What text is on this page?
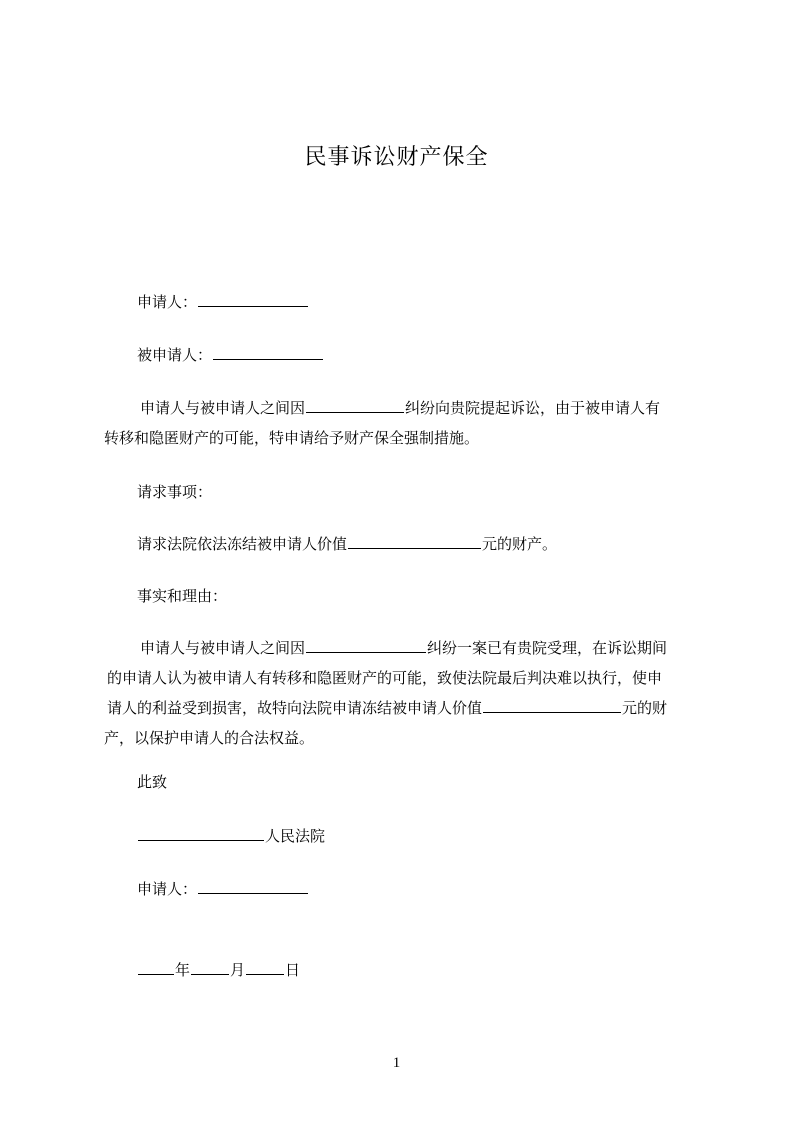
民事诉讼财产保全

申请人：

被申请人：

申请人与被申请人之间因	纠纷向贵院提起诉讼，由于被申请人有
转移和隐匿财产的可能，特申请给予财产保全强制措施。

请求事项：

请求法院依法冻结被申请人价值	元的财产。

事实和理由：

申请人与被申请人之间因	纠纷一案已有贵院受理，在诉讼期间
的申请人认为被申请人有转移和隐匿财产的可能，致使法院最后判决难以执行，使申
请人的利益受到损害，故特向法院申请冻结被申请人价值	元的财
产，以保护申请人的合法权益。

此致

人民法院

申请人：

年	月	日

1
